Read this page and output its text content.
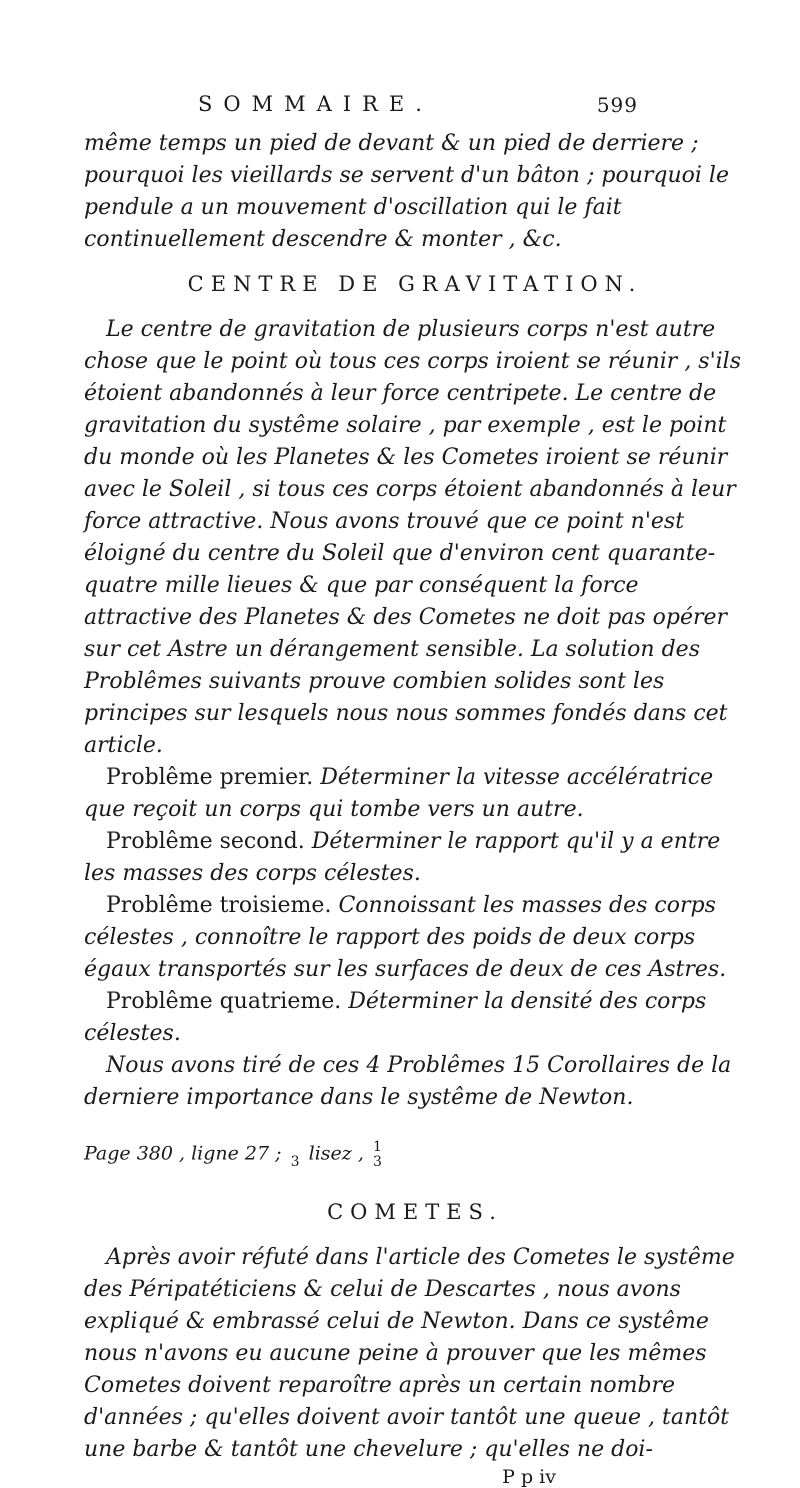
SOMMAIRE.	599

même temps un pied de devant & un pied de derriere ; pourquoi les vieillards se servent d'un bâton ; pourquoi le pendule a un mouvement d'oscillation qui le fait continuellement descendre & monter , &c.

CENTRE DE GRAVITATION.

Le centre de gravitation de plusieurs corps n'est autre chose que le point où tous ces corps iroient se réunir , s'ils étoient abandonnés à leur force centripete. Le centre de gravitation du systême solaire , par exemple , est le point du monde où les Planetes & les Cometes iroient se réunir avec le Soleil , si tous ces corps étoient abandonnés à leur force attractive. Nous avons trouvé que ce point n'est éloigné du centre du Soleil que d'environ cent quarante-quatre mille lieues & que par conséquent la force attractive des Planetes & des Cometes ne doit pas opérer sur cet Astre un dérangement sensible. La solution des Problêmes suivants prouve combien solides sont les principes sur lesquels nous nous sommes fondés dans cet article.

Problême premier. Déterminer la vitesse accélératrice que reçoit un corps qui tombe vers un autre.

Problême second. Déterminer le rapport qu'il y a entre les masses des corps célestes.

Problême troisieme. Connoissant les masses des corps célestes , connoître le rapport des poids de deux corps égaux transportés sur les surfaces de deux de ces Astres.

Problême quatrieme. Déterminer la densité des corps célestes.

Nous avons tiré de ces 4 Problêmes 15 Corollaires de la derniere importance dans le systême de Newton.

Page 380 , ligne 27 ;
3 lisez , 1
3
COMETES.

Après avoir réfuté dans l'article des Cometes le systême des Péripatéticiens & celui de Descartes , nous avons expliqué & embrassé celui de Newton. Dans ce systême nous n'avons eu aucune peine à prouver que les mêmes Cometes doivent reparoître après un certain nombre d'années ; qu'elles doivent avoir tantôt une queue , tantôt une barbe & tantôt une chevelure ; qu'elles ne doi-

P p iv
